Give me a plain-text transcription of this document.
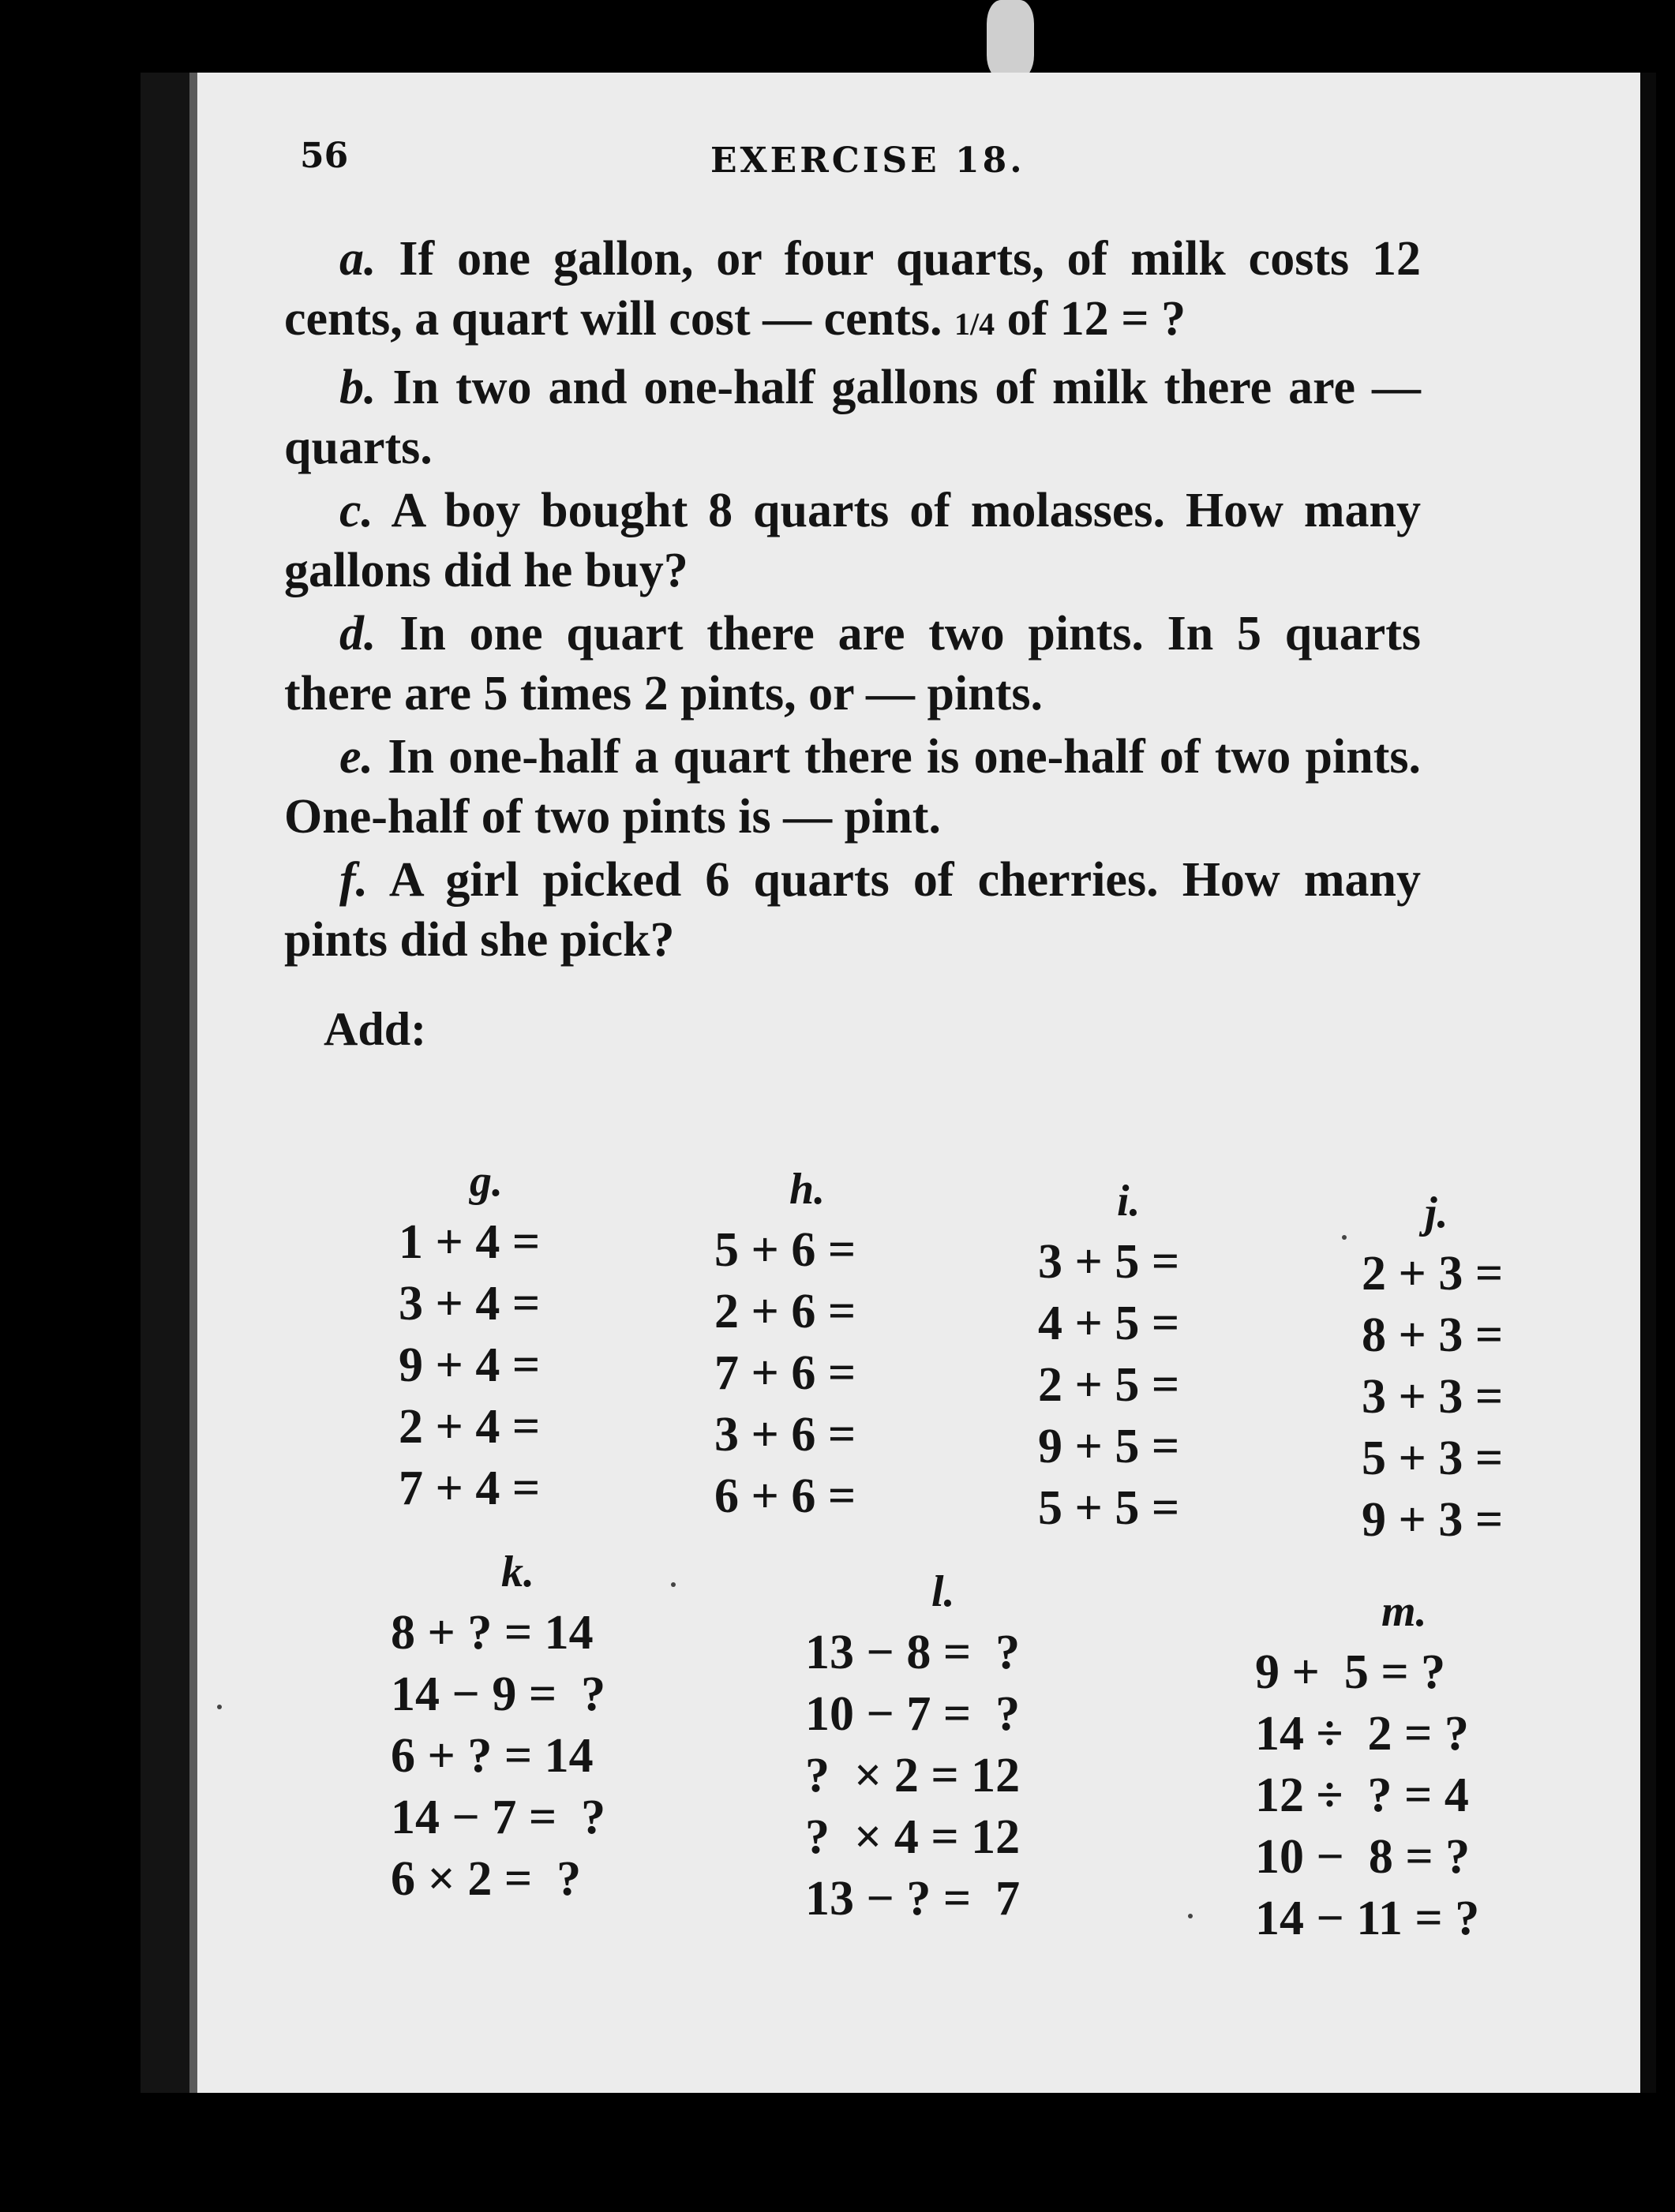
56	EXERCISE 18.

a. If one gallon, or four quarts, of milk costs 12 cents, a quart will cost — cents. 1/4 of 12 = ?

b. In two and one-half gallons of milk there are — quarts.

c. A boy bought 8 quarts of molasses. How many gallons did he buy?

d. In one quart there are two pints. In 5 quarts there are 5 times 2 pints, or — pints.

e. In one-half a quart there is one-half of two pints. One-half of two pints is — pint.

f. A girl picked 6 quarts of cherries. How many pints did she pick?

Add:
g.
1 + 4 =
3 + 4 =
9 + 4 =
2 + 4 =
7 + 4 =
h.
5 + 6 =
2 + 6 =
7 + 6 =
3 + 6 =
6 + 6 =
i.
3 + 5 =
4 + 5 =
2 + 5 =
9 + 5 =
5 + 5 =
j.
2 + 3 =
8 + 3 =
3 + 3 =
5 + 3 =
9 + 3 =
k.
8 + ? = 14
14 − 9 =  ?
6 + ? = 14
14 − 7 =  ?
6 × 2 =  ?
l.
13 − 8 =  ?
10 − 7 =  ?
?  × 2 = 12
?  × 4 = 12
13 − ? =  7
m.
9 +  5 = ?
14 ÷  2 = ?
12 ÷  ? = 4
10 −  8 = ?
14 − 11 = ?
